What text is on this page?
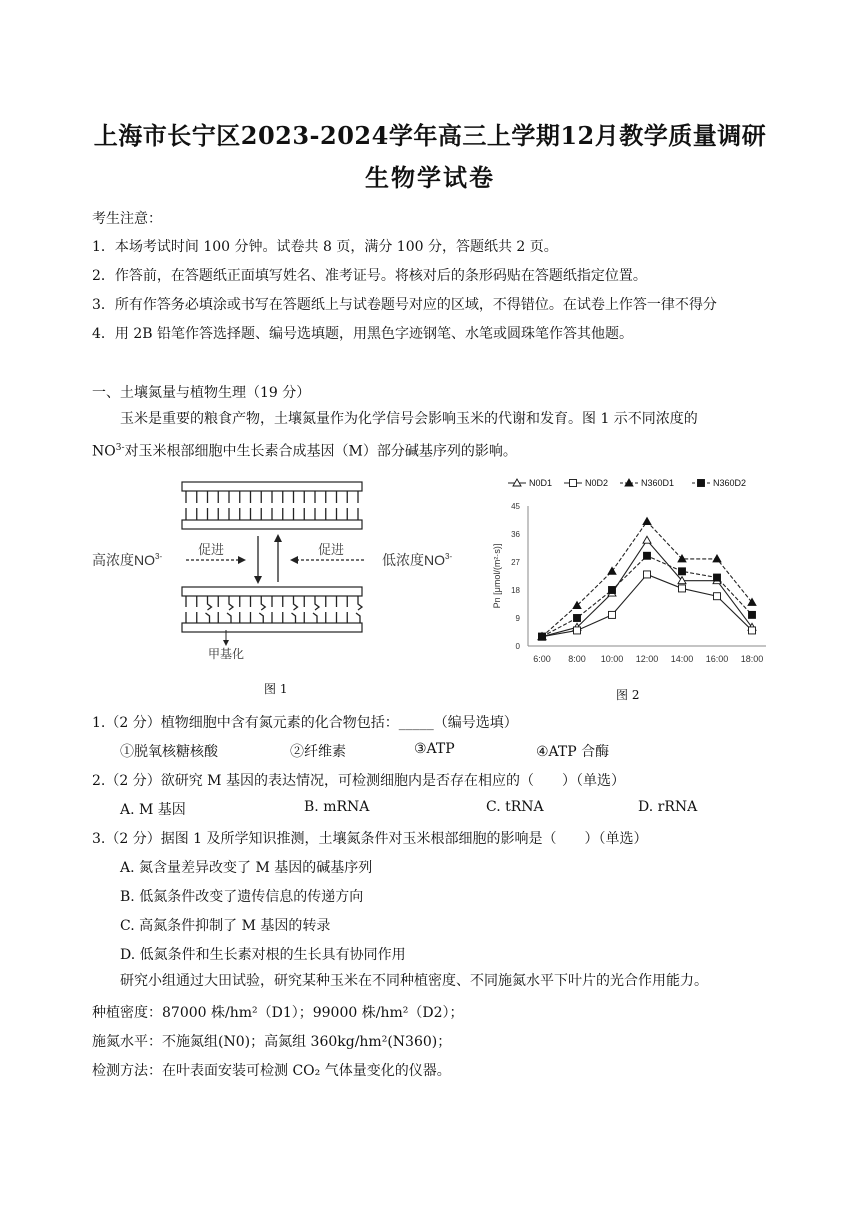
上海市长宁区2023-2024学年高三上学期12月教学质量调研
生物学试卷
考生注意：
1．本场考试时间 100 分钟。试卷共 8 页，满分 100 分，答题纸共 2 页。
2．作答前，在答题纸正面填写姓名、准考证号。将核对后的条形码贴在答题纸指定位置。
3．所有作答务必填涂或书写在答题纸上与试卷题号对应的区域，不得错位。在试卷上作答一律不得分
4．用 2B 铅笔作答选择题、编号选填题，用黑色字迹钢笔、水笔或圆珠笔作答其他题。
一、土壤氮量与植物生理（19 分）
玉米是重要的粮食产物，土壤氮量作为化学信号会影响玉米的代谢和发育。图 1 示不同浓度的
$NO^{3-}$对玉米根部细胞中生长素合成基因（M）部分碱基序列的影响。
促进	促进
高浓度$NO^{3-}$	低浓度$NO^{3-}$
甲基化
图 1
0
9
18
27
36
45
6:00 8:00 10:00 12:00 14:00 16:00 18:00
Pn [μmol/(m²·s)]
N0D1	N0D2	N360D1	N360D2
图 2
1.（2 分）植物细胞中含有氮元素的化合物包括：_____（编号选填）
①脱氧核糖核酸	②纤维素	③ATP	④ATP 合酶
2.（2 分）欲研究 M 基因的表达情况，可检测细胞内是否存在相应的（　　）（单选）
A. M 基因	B. mRNA	C. tRNA	D. rRNA
3.（2 分）据图 1 及所学知识推测，土壤氮条件对玉米根部细胞的影响是（　　）（单选）
A. 氮含量差异改变了 M 基因的碱基序列
B. 低氮条件改变了遗传信息的传递方向
C. 高氮条件抑制了 M 基因的转录
D. 低氮条件和生长素对根的生长具有协同作用
研究小组通过大田试验，研究某种玉米在不同种植密度、不同施氮水平下叶片的光合作用能力。
种植密度：87000 株/hm²（D1）；99000 株/hm²（D2）；
施氮水平：不施氮组(N0)；高氮组 360kg/hm²(N360)；
检测方法：在叶表面安装可检测 CO₂ 气体量变化的仪器。
